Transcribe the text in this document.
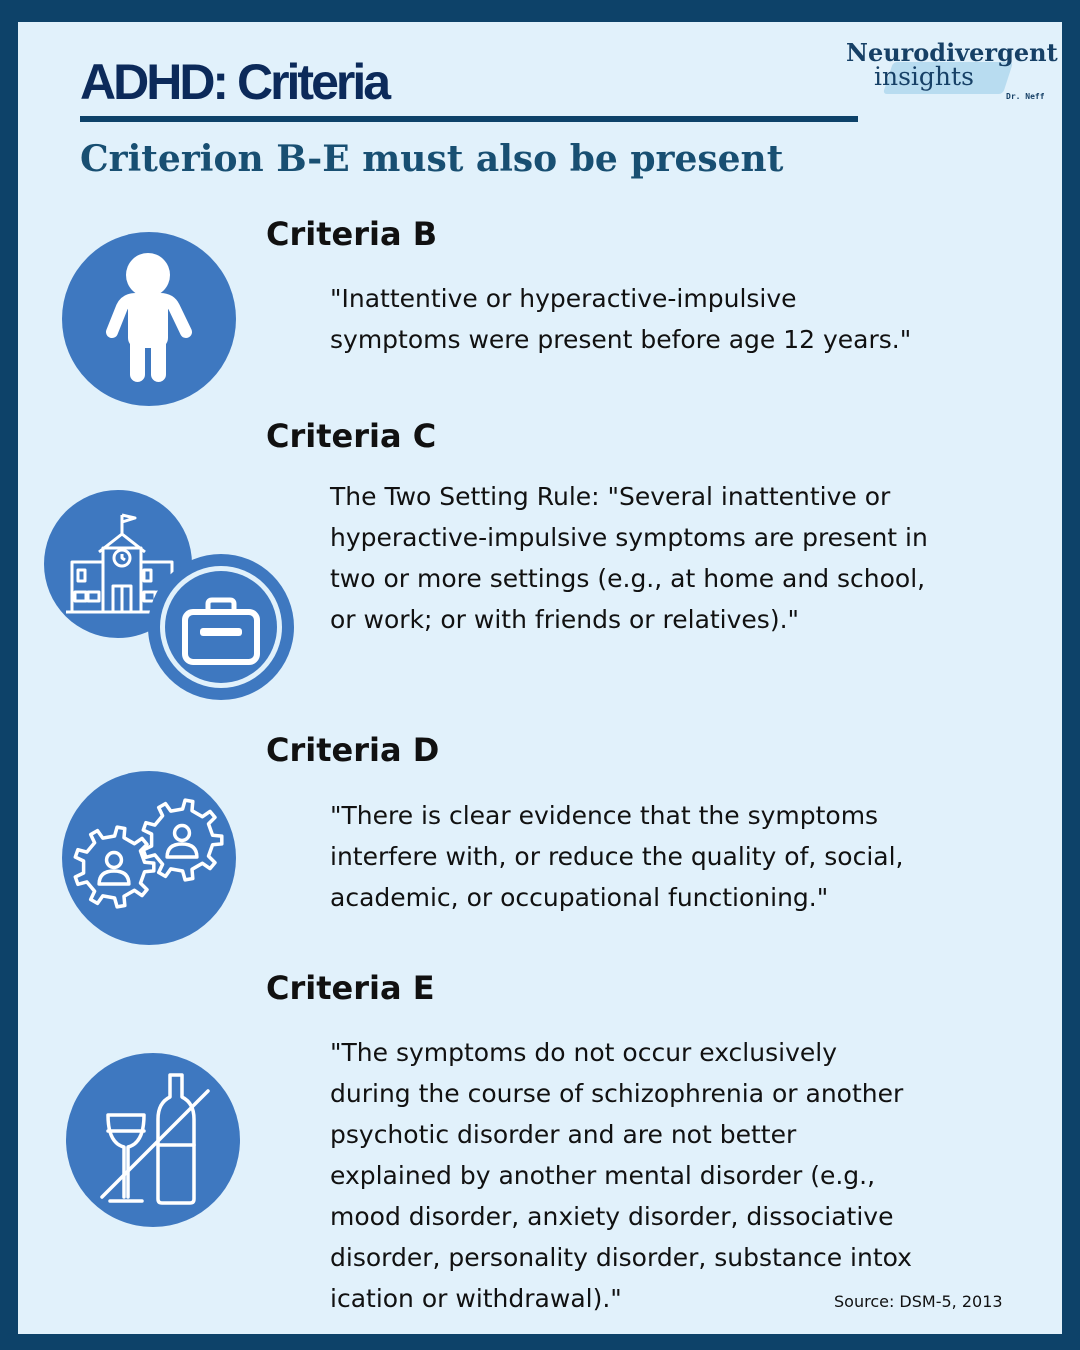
ADHD: Criteria
Criterion B-E must also be present
Neurodivergent
insights
Dr. Neff
Criteria B

"Inattentive or hyperactive-impulsive
symptoms were present before age 12 years."

Criteria C

The Two Setting Rule: "Several inattentive or
hyperactive-impulsive symptoms are present in
two or more settings (e.g., at home and school,
or work; or with friends or relatives)."

Criteria D

"There is clear evidence that the symptoms
interfere with, or reduce the quality of, social,
academic, or occupational functioning."

Criteria E

"The symptoms do not occur exclusively
during the course of schizophrenia or another
psychotic disorder and are not better
explained by another mental disorder (e.g.,
mood disorder, anxiety disorder, dissociative
disorder, personality disorder, substance intox
ication or withdrawal)."	Source: DSM-5, 2013
